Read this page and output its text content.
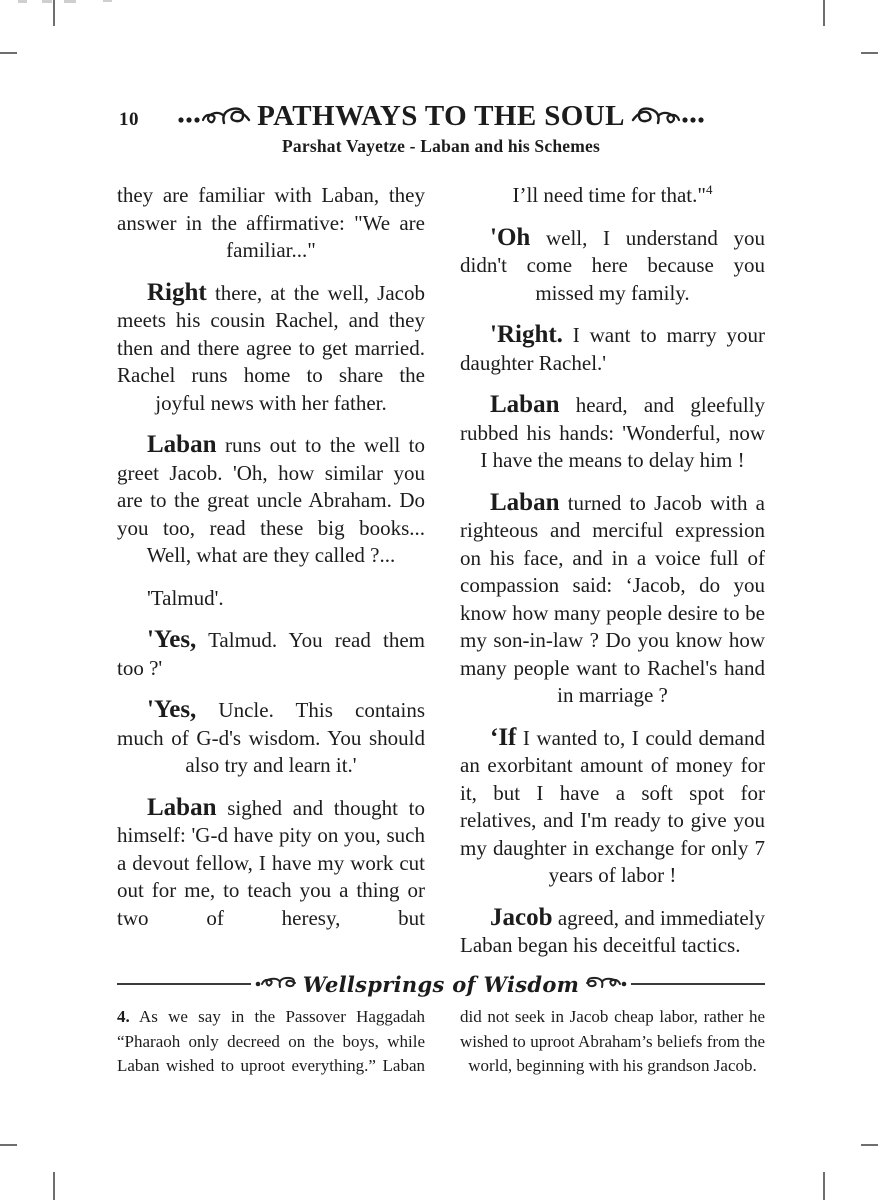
10	PATHWAYS TO THE SOUL
Parshat Vayetze - Laban and his Schemes

they are familiar with Laban, they answer in the affirmative: "We are familiar..."

Right there, at the well, Jacob meets his cousin Rachel, and they then and there agree to get married. Rachel runs home to share the joyful news with her father.

Laban runs out to the well to greet Jacob. 'Oh, how similar you are to the great uncle Abraham. Do you too, read these big books... Well, what are they called ?...

'Talmud'.

'Yes, Talmud. You read them too ?'

'Yes, Uncle. This contains much of G-d's wisdom. You should also try and learn it.'

Laban sighed and thought to himself: 'G-d have pity on you, such a devout fellow, I have my work cut out for me, to teach you a thing or two of heresy, but

I’ll need time for that."$^4$

'Oh well, I understand you didn't come here because you missed my family.

'Right. I want to marry your daughter Rachel.'

Laban heard, and gleefully rubbed his hands: 'Wonderful, now I have the means to delay him !

Laban turned to Jacob with a righteous and merciful expression on his face, and in a voice full of compassion said: ‘Jacob, do you know how many people desire to be my son-in-law ? Do you know how many people want to Rachel's hand in marriage ?

‘If I wanted to, I could demand an exorbitant amount of money for it, but I have a soft spot for relatives, and I'm ready to give you my daughter in exchange for only 7 years of labor !

Jacob agreed, and immediately Laban began his deceitful tactics.

Wellsprings of Wisdom
4. As we say in the Passover Haggadah “Pharaoh only decreed on the boys, while Laban wished to uproot everything.” Laban
did not seek in Jacob cheap labor, rather he wished to uproot Abraham’s beliefs from the world, beginning with his grandson Jacob.
